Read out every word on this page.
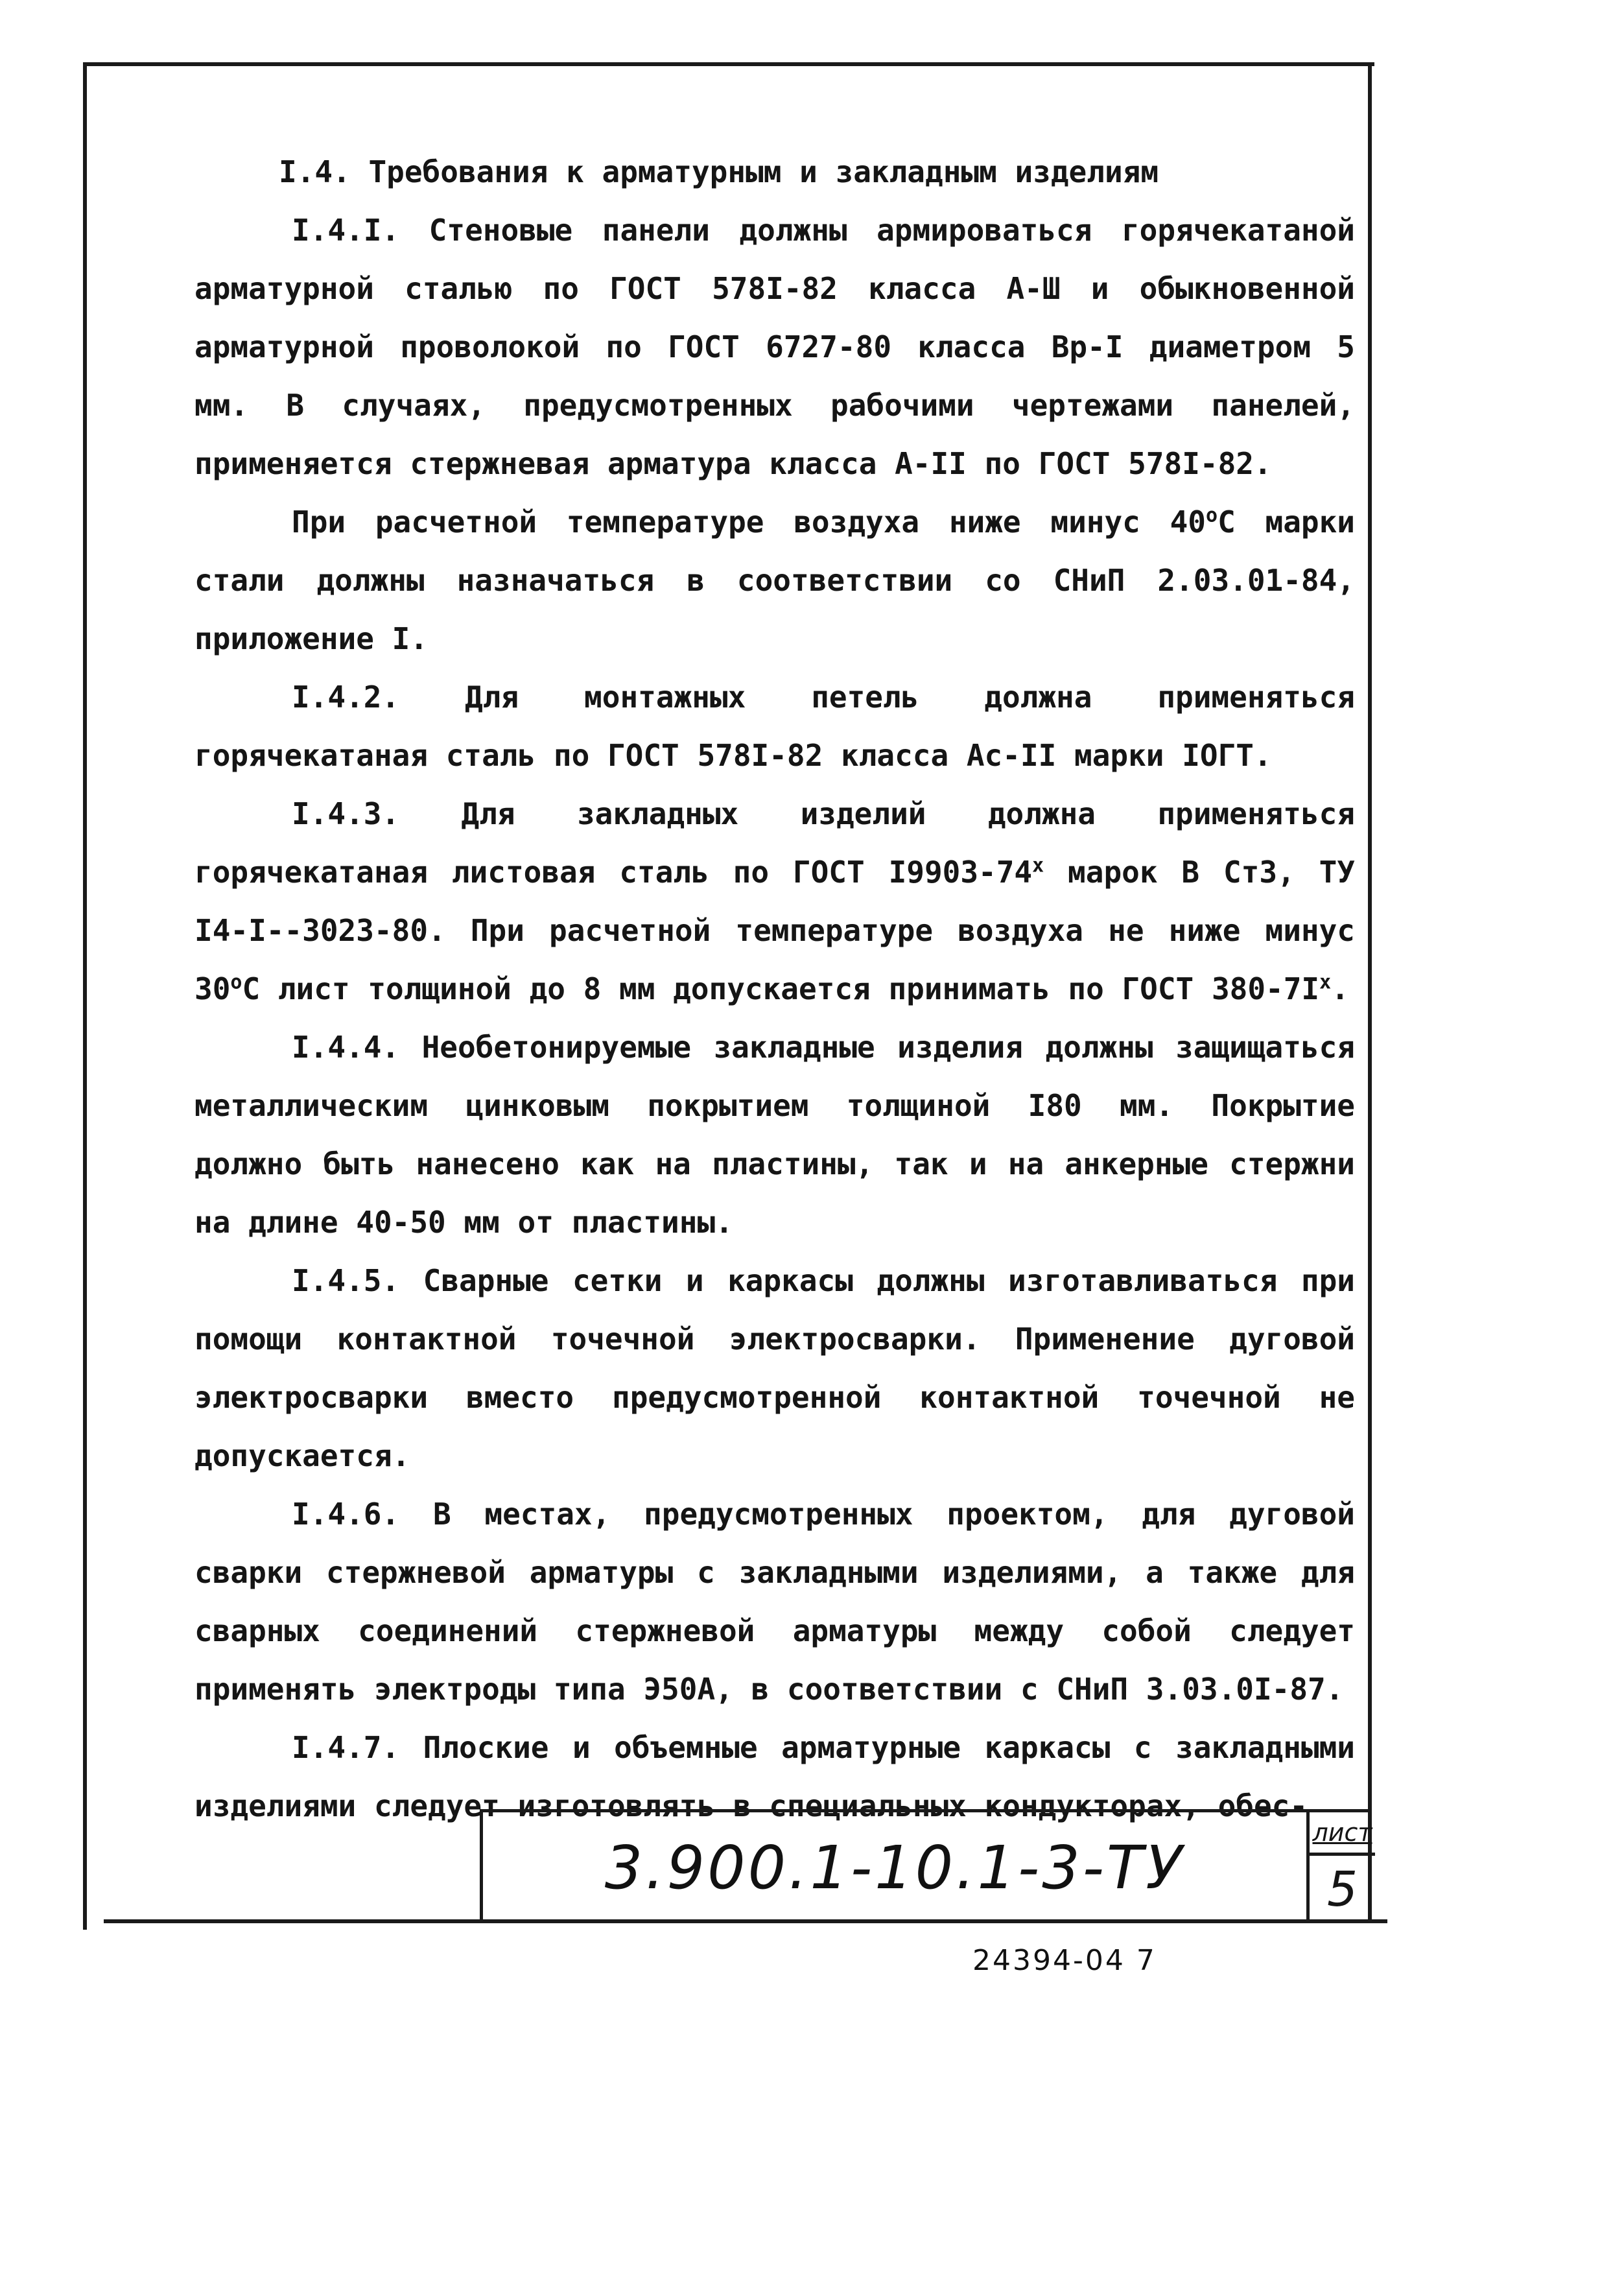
I.4. Требования к арматурным и закладным изделиям

I.4.I. Стеновые панели должны армироваться горячекатаной арматурной сталью по ГОСТ 578I-82 класса А-Ш и обыкновенной арматурной проволокой по ГОСТ 6727-80 класса Вр-I диаметром 5 мм. В случаях, предусмотренных рабочими чертежами панелей, применяется стержневая арматура класса А-II по ГОСТ 578I-82.

При расчетной температуре воздуха ниже минус $40^оС$ марки стали должны назначаться в соответствии со СНиП 2.03.01-84, приложение I.

I.4.2. Для монтажных петель должна применяться горячекатаная сталь по ГОСТ 578I-82 класса Ас-II марки IОГТ.

I.4.3. Для закладных изделий должна применяться горячекатаная листовая сталь по ГОСТ $I9903-74^х$ марок В Ст3, ТУ I4-I--3023-80. При расчетной температуре воздуха не ниже минус $30^оС$ лист толщиной до 8 мм допускается принимать по ГОСТ $380-7I^х$.

I.4.4. Необетонируемые закладные изделия должны защищаться металлическим цинковым покрытием толщиной I80 мм. Покрытие должно быть нанесено как на пластины, так и на анкерные стержни на длине 40-50 мм от пластины.

I.4.5. Сварные сетки и каркасы должны изготавливаться при помощи контактной точечной электросварки. Применение дуговой электросварки вместо предусмотренной контактной точечной не допускается.

I.4.6. В местах, предусмотренных проектом, для дуговой сварки стержневой арматуры с закладными изделиями, а также для сварных соединений стержневой арматуры между собой следует применять электроды типа Э50А, в соответствии с СНиП 3.03.0I-87.

I.4.7. Плоские и объемные арматурные каркасы с закладными изделиями следует изготовлять в специальных кондукторах, обес-

3.900.1-10.1-3-ТУ
лист
5
24394-04 7
